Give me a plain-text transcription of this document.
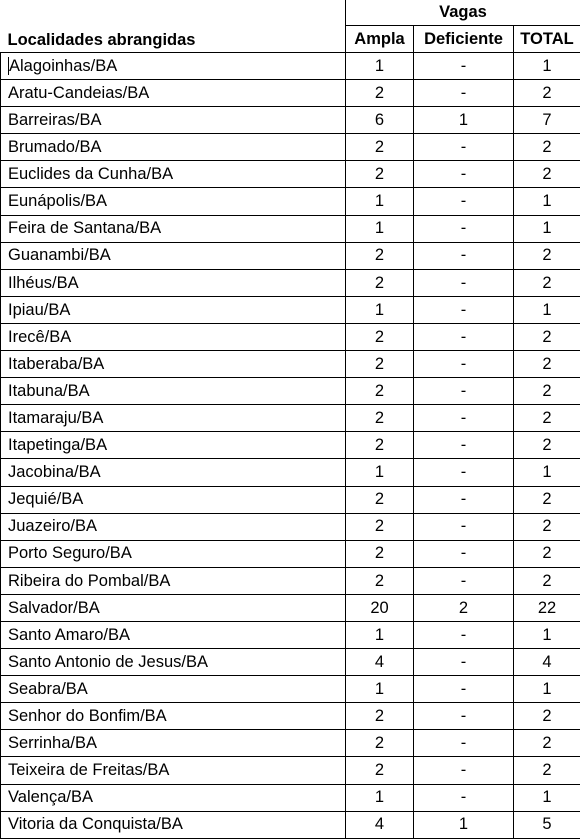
Localidades abrangidas	Vagas		
	Ampla	Deficiente	TOTAL
Alagoinhas/BA	1	-	1
Aratu-Candeias/BA	2	-	2
Barreiras/BA	6	1	7
Brumado/BA	2	-	2
Euclides da Cunha/BA	2	-	2
Eunápolis/BA	1	-	1
Feira de Santana/BA	1	-	1
Guanambi/BA	2	-	2
Ilhéus/BA	2	-	2
Ipiau/BA	1	-	1
Irecê/BA	2	-	2
Itaberaba/BA	2	-	2
Itabuna/BA	2	-	2
Itamaraju/BA	2	-	2
Itapetinga/BA	2	-	2
Jacobina/BA	1	-	1
Jequié/BA	2	-	2
Juazeiro/BA	2	-	2
Porto Seguro/BA	2	-	2
Ribeira do Pombal/BA	2	-	2
Salvador/BA	20	2	22
Santo Amaro/BA	1	-	1
Santo Antonio de Jesus/BA	4	-	4
Seabra/BA	1	-	1
Senhor do Bonfim/BA	2	-	2
Serrinha/BA	2	-	2
Teixeira de Freitas/BA	2	-	2
Valença/BA	1	-	1
Vitoria da Conquista/BA	4	1	5
